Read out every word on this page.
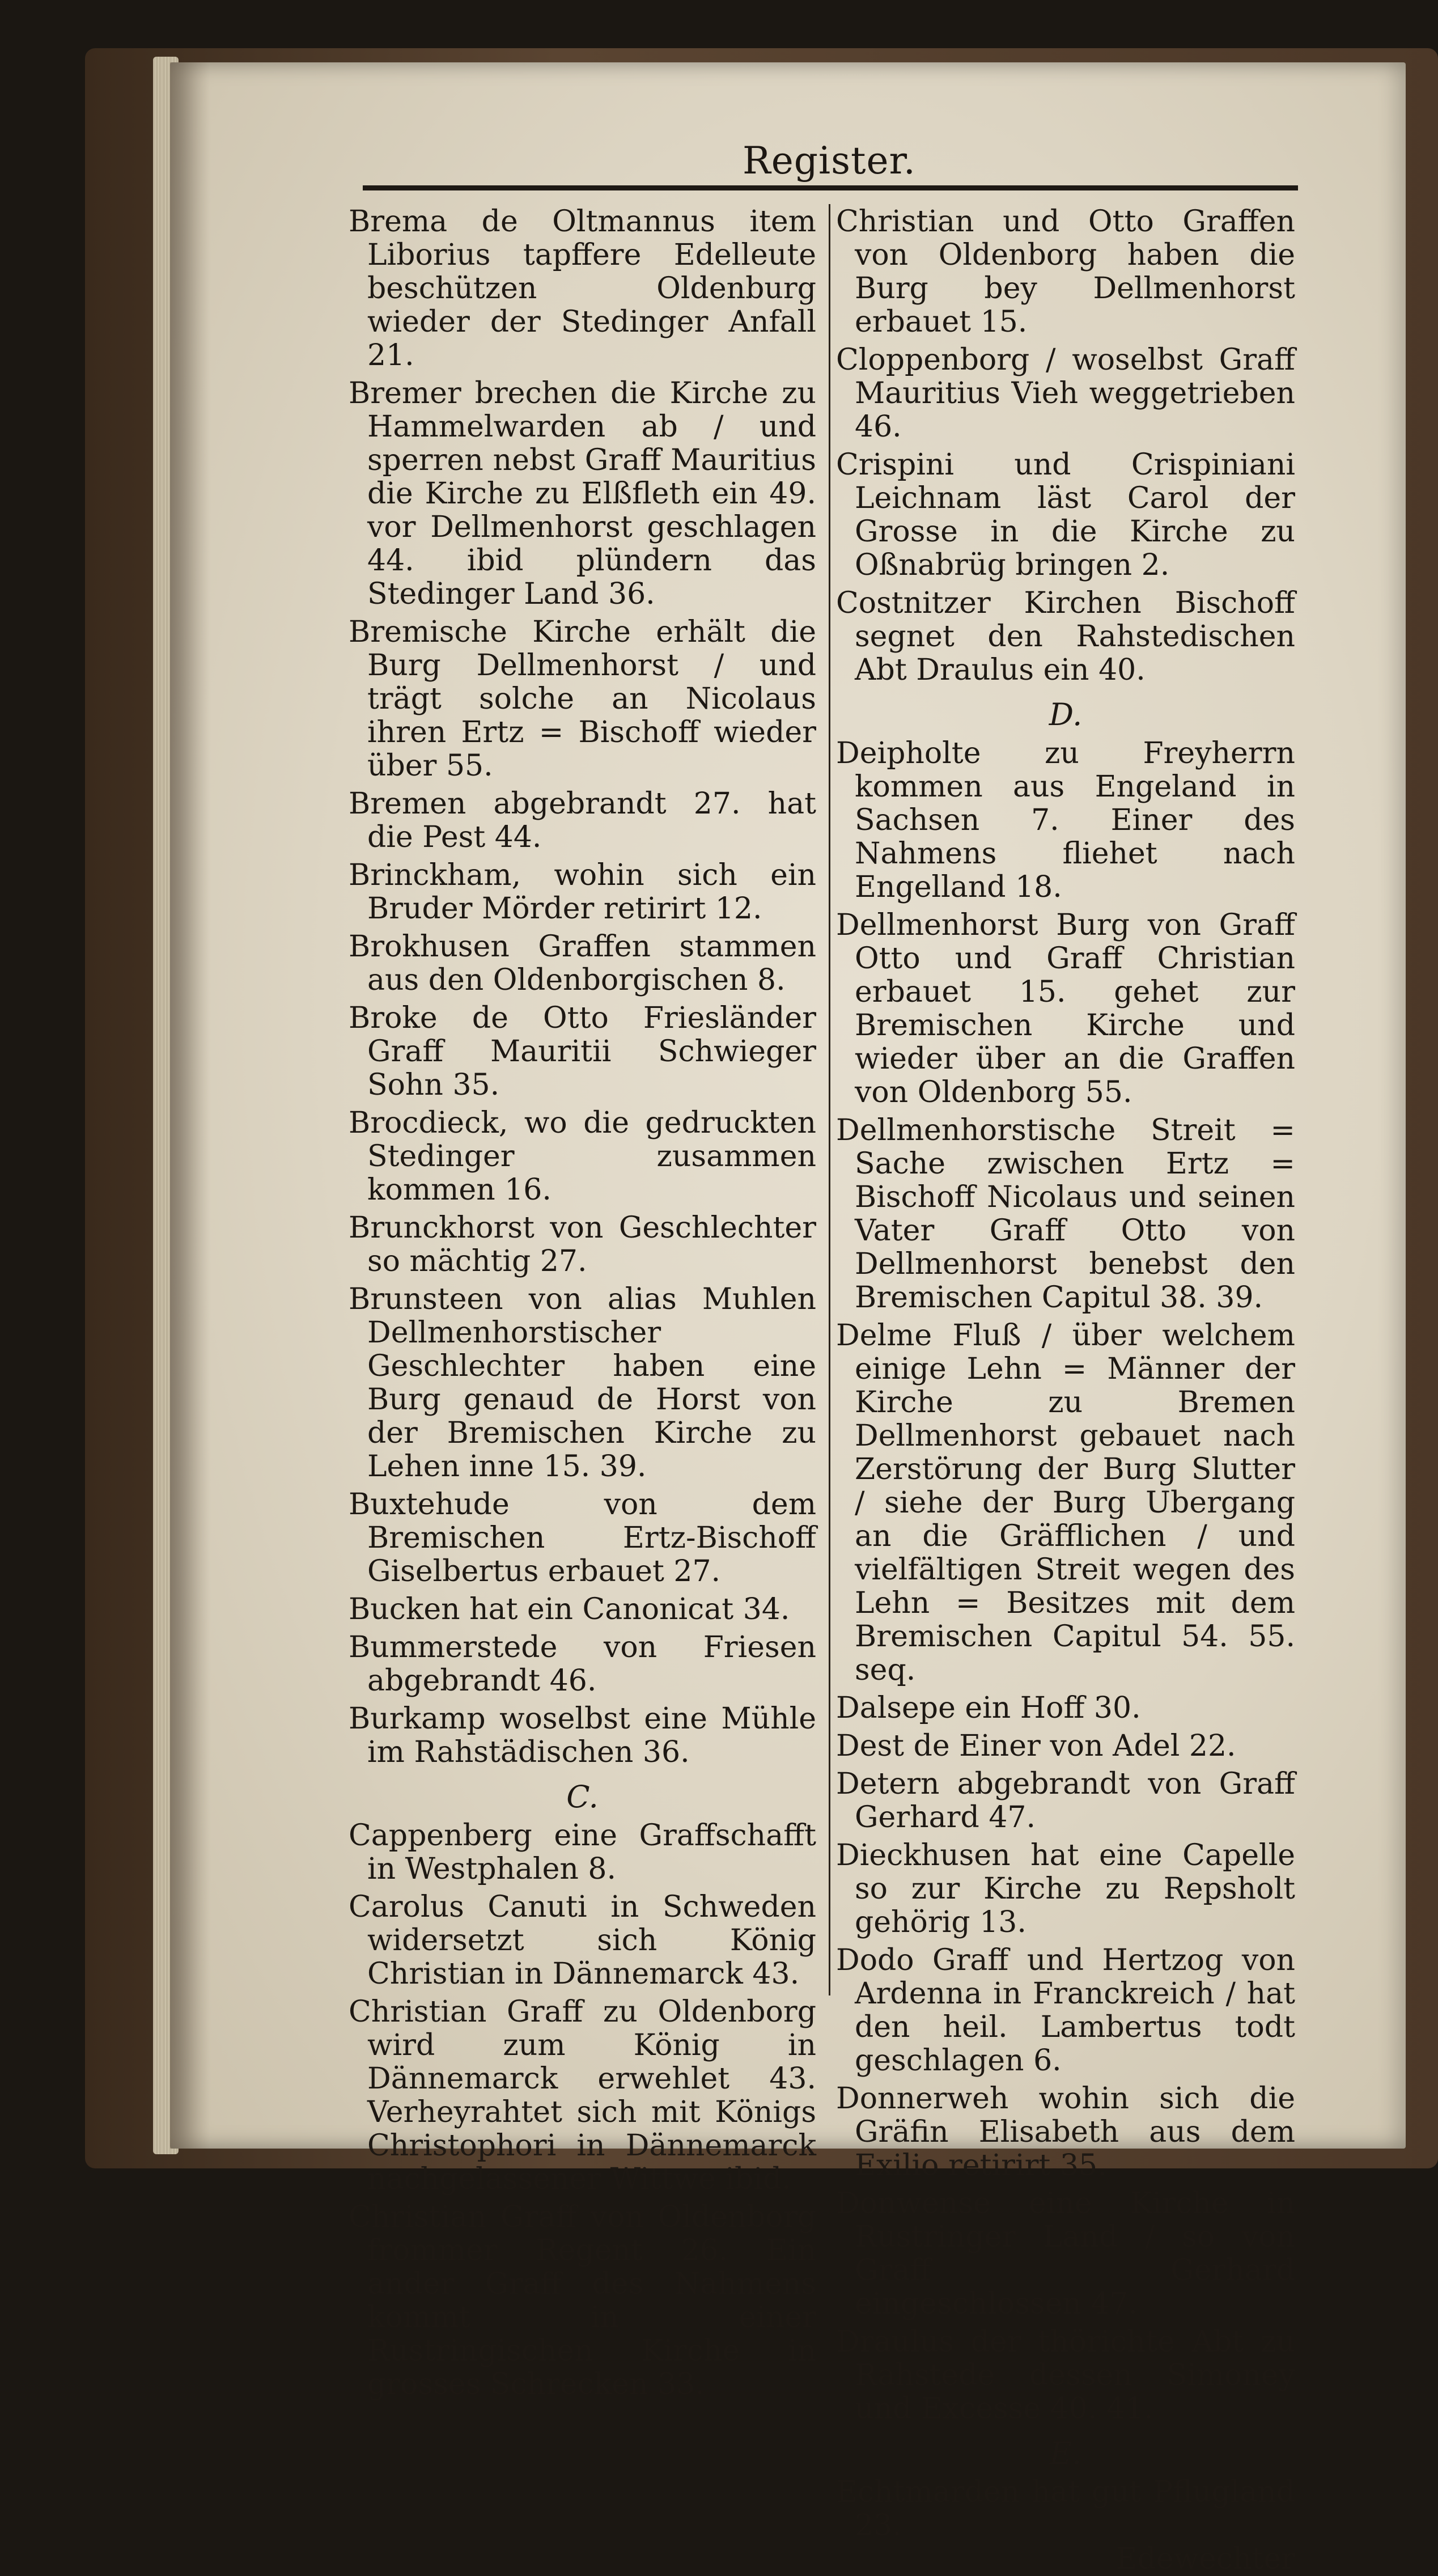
Register.

Brema de Oltmannus item Liborius tapffere Edelleute beschützen Oldenburg wieder der Stedinger Anfall 21.

Bremer brechen die Kirche zu Hammelwarden ab / und sperren nebst Graff Mauritius die Kirche zu Elßfleth ein 49. vor Dellmenhorst geschlagen 44. ibid plündern das Stedinger Land 36.

Bremische Kirche erhält die Burg Dellmenhorst / und trägt solche an Nicolaus ihren Ertz = Bischoff wieder über 55.

Bremen abgebrandt 27. hat die Pest 44.

Brinckham, wohin sich ein Bruder Mörder retirirt 12.

Brokhusen Graffen stammen aus den Oldenborgischen 8.

Broke de Otto Friesländer Graff Mauritii Schwieger Sohn 35.

Brocdieck, wo die gedruckten Stedinger zusammen kommen 16.

Brunckhorst von Geschlechter so mächtig 27.

Brunsteen von alias Muhlen Dellmenhorstischer Geschlechter haben eine Burg genaud de Horst von der Bremischen Kirche zu Lehen inne 15. 39.

Buxtehude von dem Bremischen Ertz-Bischoff Giselbertus erbauet 27.

Bucken hat ein Canonicat 34.

Bummerstede von Friesen abgebrandt 46.

Burkamp woselbst eine Mühle im Rahstädischen 36.

C.

Cappenberg eine Graffschafft in Westphalen 8.

Carolus Canuti in Schweden widersetzt sich König Christian in Dännemarck 43.

Christian Graff zu Oldenborg wird zum König in Dännemarck erwehlet 43. Verheyrahtet sich mit Königs Christophori in Dännemarck nachgelassener Wittwe ibid.

Christian Graff von Oldenborg frommer Regent 26. Ein ander Graff des Nahmens kommt in einer Rustringischen Kirche in grosses Schrecken 33.

Christian und Otto Graffen von Oldenborg haben die Burg bey Dellmenhorst erbauet 15.

Cloppenborg / woselbst Graff Mauritius Vieh weggetrieben 46.

Crispini und Crispiniani Leichnam läst Carol der Grosse in die Kirche zu Oßnabrüg bringen 2.

Costnitzer Kirchen Bischoff segnet den Rahstedischen Abt Draulus ein 40.

D.

Deipholte zu Freyherrn kommen aus Engeland in Sachsen 7. Einer des Nahmens fliehet nach Engelland 18.

Dellmenhorst Burg von Graff Otto und Graff Christian erbauet 15. gehet zur Bremischen Kirche und wieder über an die Graffen von Oldenborg 55.

Dellmenhorstische Streit = Sache zwischen Ertz = Bischoff Nicolaus und seinen Vater Graff Otto von Dellmenhorst benebst den Bremischen Capitul 38. 39.

Delme Fluß / über welchem einige Lehn = Männer der Kirche zu Bremen Dellmenhorst gebauet nach Zerstörung der Burg Slutter / siehe der Burg Ubergang an die Gräfflichen / und vielfältigen Streit wegen des Lehn = Besitzes mit dem Bremischen Capitul 54. 55. seq.

Dalsepe ein Hoff 30.

Dest de Einer von Adel 22.

Detern abgebrandt von Graff Gerhard 47.

Dieckhusen hat eine Capelle so zur Kirche zu Repsholt gehörig 13.

Dodo Graff und Hertzog von Ardenna in Franckreich / hat den heil. Lambertus todt geschlagen 6.

Donnerweh wohin sich die Gräfin Elisabeth aus dem Exilio retirirt 35.

Donwense eine Kirche in Rustringer Land / so von Graff Gerhard eingeschlossen 47.

Draulus der thörichte Abt zu Rahstede dessen Simoney und Excesse 40. 41.

E.

Echtmarden hat gut Pflugland 23.

Edewechter
